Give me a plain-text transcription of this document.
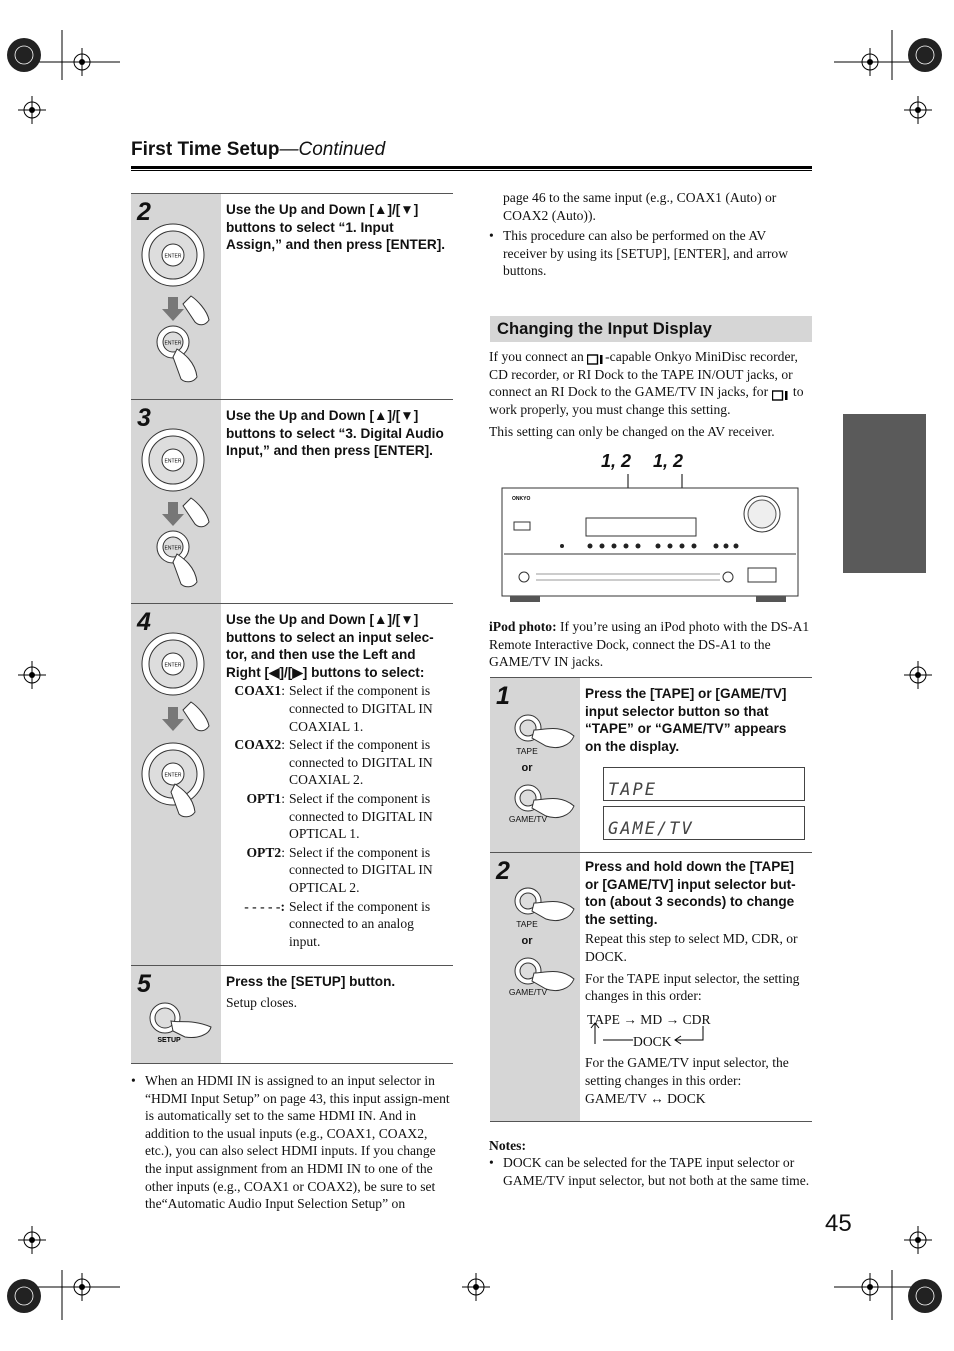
First Time Setup—Continued
2
ENTER
ENTER
Use the Up and Down [▲]/[▼] buttons to select “1. Input Assign,” and then press [ENTER].
3
ENTER
ENTER
Use the Up and Down [▲]/[▼] buttons to select “3. Digital Audio Input,” and then press [ENTER].
4
ENTER
ENTER
Use the Up and Down [▲]/[▼] buttons to select an input selec-tor, and then use the Left and Right [◀]/[▶] buttons to select:
COAX1: Select if the component is connected to DIGITAL IN COAXIAL 1.
COAX2: Select if the component is connected to DIGITAL IN COAXIAL 2.
OPT1: Select if the component is connected to DIGITAL IN OPTICAL 1.
OPT2: Select if the component is connected to DIGITAL IN OPTICAL 2.
- - - - -: Select if the component is connected to an analog input.
5
SETUP
Press the [SETUP] button.
Setup closes.
• When an HDMI IN is assigned to an input selector in “HDMI Input Setup” on page 43, this input assign-ment is automatically set to the same HDMI IN. And in addition to the usual inputs (e.g., COAX1, COAX2, etc.), you can also select HDMI inputs. If you change the input assignment from an HDMI IN to one of the other inputs (e.g., COAX1 or COAX2), be sure to set the“Automatic Audio Input Selection Setup” on
page 46 to the same input (e.g., COAX1 (Auto) or COAX2 (Auto)).
• This procedure can also be performed on the AV receiver by using its [SETUP], [ENTER], and arrow buttons.
Changing the Input Display
If you connect an -capable Onkyo MiniDisc recorder, CD recorder, or RI Dock to the TAPE IN/OUT jacks, or connect an RI Dock to the GAME/TV IN jacks, for to work properly, you must change this setting.
This setting can only be changed on the AV receiver.
1, 2 1, 2
ONKYO
iPod photo: If you’re using an iPod photo with the DS-A1 Remote Interactive Dock, connect the DS-A1 to the GAME/TV IN jacks.
1
TAPE
or
GAME/TV
Press the [TAPE] or [GAME/TV] input selector button so that “TAPE” or “GAME/TV” appears on the display.
TAPE
GAME/TV
2
TAPE
or
GAME/TV
Press and hold down the [TAPE] or [GAME/TV] input selector but-ton (about 3 seconds) to change the setting.
Repeat this step to select MD, CDR, or DOCK.
For the TAPE input selector, the setting changes in this order:
TAPE → MD → CDR
DOCK
For the GAME/TV input selector, the setting changes in this order:
GAME/TV ↔ DOCK
Notes:
• DOCK can be selected for the TAPE input selector or GAME/TV input selector, but not both at the same time.
45
